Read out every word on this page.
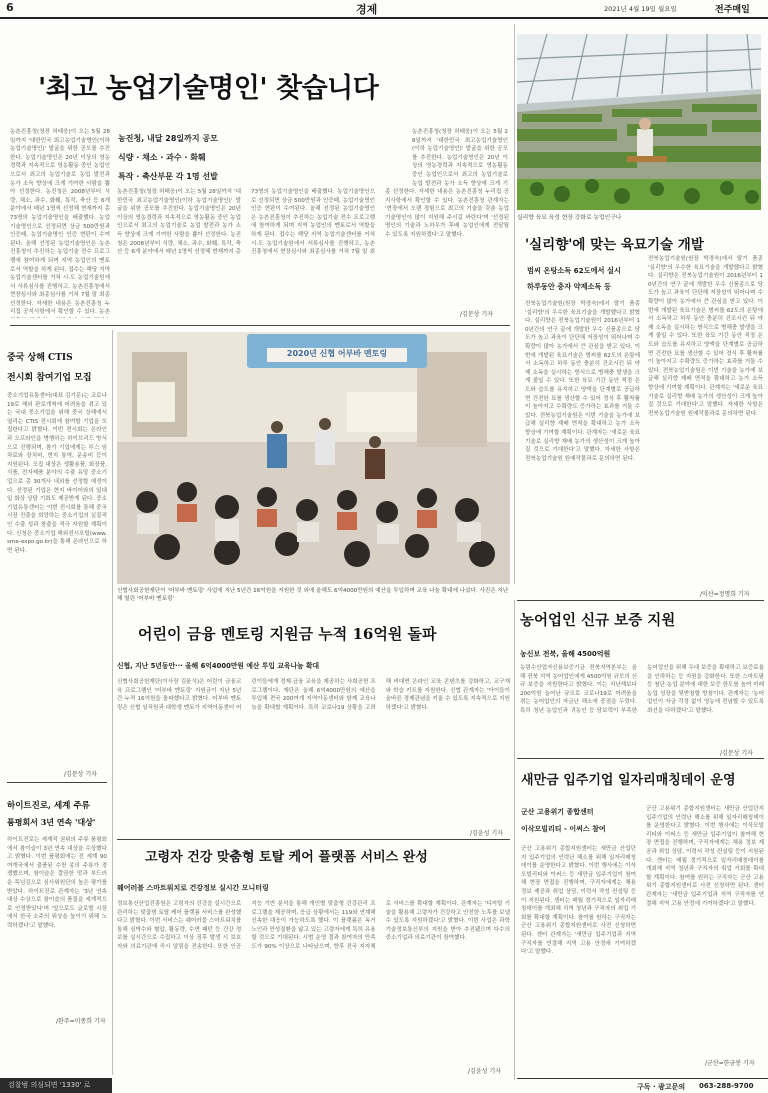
6	경제	2021년 4월 19일 월요일	전주매일
'최고 농업기술명인' 찾습니다
농진청, 내달 28일까지 공모
식량 · 채소 · 과수 · 화훼
특작 · 축산부문 각 1명 선발
농촌진흥청(청장 허태웅)이 오는 5월 28일까지 '대한민국 최고농업기술명인(이하 농업기술명인)' 발굴을 위한 공모를 추진한다. 농업기술명인은 20년 이상의 영농경력과 지속적으로 영농활동 중인 농업인으로서 최고의 농업기술로 농업 발전과 농가 소득 향상에 크게 기여한 사람을 뽑아 선정한다. 농진청은 2008년부터 식량, 채소, 과수, 화훼, 특작, 축산 등 6개 분야에서 매년 1명씩 선정해 현재까지 총 73명의 농업기술명인을 배출했다. 농업기술명인으로 선정되면 상금 500만원과 인증패, 농업기술명인 인증 현판이 수여된다. 올해 선정된 농업기술명인은 농촌진흥청이 추진하는 농업기술 전수 프로그램에 참여하게 되며 지역 농업인의 멘토로서 역할을 하게 된다. 접수는 해당 지역 농업기술센터를 거쳐 시·도 농업기술원에서 서류심사를 진행하고, 농촌진흥청에서 현장심사와 최종심사를 거쳐 7월 말 최종 선정한다. 자세한 내용은 농촌진흥청 누리집 공지사항에서 확인할 수 있다. 농촌
농촌진흥청(청장 허태웅)이 오는 5월 28일까지 '대한민국 최고농업기술명인(이하 농업기술명인)' 발굴을 위한 공모를 추진한다. 농업기술명인은 20년 이상의 영농경력과 지속적으로 영농활동 중인 농업인으로서 최고의 농업기술로 농업 발전과 농가 소득 향상에 크게 기여한 사람을 뽑아 선정한다. 농진청은 2008년부터 식량, 채소, 과수, 화훼, 특작, 축산 등 6개 분야에서 매년 1명씩 선정해 현재까지 총 73명의 농업기술명인을 배출했다. 농업기술명인으로 선정되면 상금 500만원과 인증패, 농업기술명인 인증 현판이 수여된다. 올해 선정된 농업기술명인은 농촌진흥청이 추진하는 농업기술 전수 프로그램에 참여하게 되며 지역 농업인의 멘토로서 역할을 하게 된다. 접수는 해당 지역 농업기술센터를 거쳐 시·도 농업기술원에서 서류심사를 진행하고, 농촌진흥청에서 현장심사와 최종심사를 거쳐 7월 말 최종 선정한다. 자세한 내용은 농촌진흥청 누리집 공지사항에서 확인할 수 있다. 농촌진흥청 관계자는 '현장에서 오랜 경험으로 최고의 기술을 갖춘 농업기술명인이 많이 지원해 주시길 바란다'며 '선정된 명인의 기술과 노하우가 후배 농업인에게 전달될 수 있도록 지원하겠다'고 말했다.
농촌진흥청(청장 허태웅)이 오는 5월 28일까지 '대한민국 최고농업기술명인(이하 농업기술명인)' 발굴을 위한 공모를 추진한다. 농업기술명인은 20년 이상의 영농경력과 지속적으로 영농활동 중인 농업인으로서 최고의 농업기술로 농업 발전과 농가 소득 향상에 크게 기
/김문상 기자
실리향 육묘 육성 현장 강화로 농업인구나
'실리향'에 맞는 육묘기술 개발
범씨 온탕소독 62도에서 실시
하루동안 충자 약제소독 등
전북농업기술원(원장 박경숙)에서 딸기 품종 '실리향'의 우수한 육묘기술을 개발했다고 밝혔다. 실리향은 전북농업기술원이 2016년부터 10년간의 연구 끝에 개발한 우수 신품종으로 당도가 높고 과육이 단단해 저장성이 뛰어나며 수확량이 많아 농가에서 큰 관심을 받고 있다. 이번에 개발된 육묘기술은 범씨를 62도의 온탕에서 소독하고 하루 동안 충분히 건조시킨 뒤 약제 소독을 실시하는 방식으로 병해충 발생을 크게 줄일 수 있다. 또한 육묘 기간 동안 적정 온도와 습도를 유지하고 양액을 단계별로 공급하면 건전한 묘를 생산할 수 있어 정식 후 활착률이 높아지고 수확량도 증가하는 효과를 거둘 수 있다. 전북농업기술원은 이번 기술을 농가에 보급해 실리향 재배 면적을 확대하고 농가 소득 향상에 기여할 계획이다. 관계자는 '새로운 육묘기술로 실리향 재배 농가의 생산성이 크게 높아질 것으로 기대한다'고 말했다. 자세한 사항은 전북농업기술원 원예작물과로 문의하면 된다.
전북농업기술원(원장 박경숙)에서 딸기 품종 '실리향'의 우수한 육묘기술을 개발했다고 밝혔다. 실리향은 전북농업기술원이 2016년부터 10년간의 연구 끝에 개발한 우수 신품종으로 당도가 높고 과육이 단단해 저장성이 뛰어나며 수확량이 많아 농가에서 큰 관심을 받고 있다. 이번에 개발된 육묘기술은 범씨를 62도의 온탕에서 소독하고 하루 동안 충분히 건조시킨 뒤 약제 소독을 실시하는 방식으로 병해충 발생을 크게 줄일 수 있다. 또한 육묘 기간 동안 적정 온도와 습도를 유지하고 양액을 단계별로 공급하면 건전한 묘를 생산할 수 있어 정식 후 활착률이 높아지고 수확량도 증가하는 효과를 거둘 수 있다. 전북농업기술원은 이번 기술을 농가에 보급해 실리향 재배 면적을 확대하고 농가 소득 향상에 기여할 계획이다. 관계자는 '새로운 육묘기술로 실리향 재배 농가의 생산성이 크게 높아질 것으로 기대한다'고 말했다. 자세한 사항은 전북농업기술원 원예작물과로 문의하면 된다.
/익산=정명희 기자
중국 상해 CTIS
전시회 참여기업 모집
중소기업유통센터(대표 김기문)는 코로나19로 해외 판로개척에 어려움을 겪고 있는 국내 중소기업을 위해 중국 상해에서 열리는 CTIS 전시회에 참여할 기업을 모집한다고 밝혔다. 이번 전시회는 온라인과 오프라인을 병행하는 하이브리드 방식으로 진행되며, 참가 기업에게는 부스 임차료와 장치비, 현지 통역, 운송비 등이 지원된다. 모집 대상은 생활용품, 화장품, 식품, 전자제품 분야의 수출 유망 중소기업으로 총 30개사 내외를 선정할 예정이다. 선정된 기업은 현지 바이어와의 일대일 화상 상담 기회도 제공받게 된다. 중소기업유통센터는 이번 전시회를 통해 중국 시장 진출을 희망하는 중소기업의 실질적인 수출 성과 창출을 적극 지원할 계획이다. 신청은 중소기업 해외전시포털(www.sme-expo.go.kr)을 통해 온라인으로 하면 된다.
/김문상 기자
하이트진로, 세계 주류
품평회서 3년 연속 '대상'
하이트진로는 세계적 권위의 주류 품평회에서 참이슬이 3년 연속 대상을 수상했다고 밝혔다. 이번 품평회에는 전 세계 90여개국에서 출품된 수천 종의 주류가 경쟁했으며, 참이슬은 깔끔한 맛과 부드러운 목넘김으로 심사위원단의 높은 평가를 받았다. 하이트진로 관계자는 '3년 연속 대상 수상으로 참이슬의 품질을 세계적으로 인정받았다'며 '앞으로도 글로벌 시장에서 한국 소주의 위상을 높이기 위해 노력하겠다'고 말했다.
/완주=이종희 기자
검찰범 의심되면 '1330' 로
2020년 신협 어부바 멘토링
신협사회공헌재단이 '어부바 멘토링' 사업에 지난 5년간 16억원을 지원한 것 외에 올해도 6억4000만원의 예산을 투입하며 교육 나눔 확대에 나섰다. 사진은 지난해 열린 '어부바 멘토링'
어린이 금융 멘토링 지원금 누적 16억원 돌파
신협, 지난 5년동안··· 올해 6억4000만원 예산 투입 교육나눔 확대
신협사회공헌재단(이사장 김윤식)은 어린이 금융교육 프로그램인 '어부바 멘토링' 지원금이 지난 5년간 누적 16억원을 돌파했다고 밝혔다. 어부바 멘토링은 신협 임직원과 대학생 멘토가 지역아동센터 어린이들에게 경제·금융 교육을 제공하는 사회공헌 프로그램이다. 재단은 올해 6억4000만원의 예산을 투입해 전국 200여개 지역아동센터와 함께 교육나눔을 확대할 계획이다. 특히 코로나19 상황을 고려해 비대면 온라인 교육 콘텐츠를 강화하고, 교구재와 학습 키트를 지원한다. 신협 관계자는 '아이들이 올바른 경제관념을 키울 수 있도록 지속적으로 지원하겠다'고 밝혔다.
/김윤성 기자
고령자 건강 맞춤형 토탈 케어 플랫폼 서비스 완성
웨어러블 스마트워치로 건강정보 실시간 모니터링
정보통신산업진흥원은 고령자의 건강을 실시간으로 관리하는 맞춤형 토탈 케어 플랫폼 서비스를 완성했다고 밝혔다. 이번 서비스는 웨어러블 스마트워치를 통해 심박수와 혈압, 활동량, 수면 패턴 등 건강 정보를 실시간으로 수집하고 이상 징후 발생 시 보호자와 의료기관에 즉시 알림을 전송한다. 또한 인공지능 기반 분석을 통해 개인별 맞춤형 건강관리 프로그램을 제공하며, 응급 상황에서는 119와 연계해 신속한 대응이 가능하도록 했다. 이 플랫폼은 독거노인과 만성질환을 앓고 있는 고령자에게 특히 유용할 것으로 기대된다. 시범 운영 결과 참여자의 만족도가 90% 이상으로 나타났으며, 향후 전국 지자체로 서비스를 확대할 계획이다. 관계자는 '디지털 기술을 활용해 고령자가 건강하고 안전한 노후를 보낼 수 있도록 지원하겠다'고 밝혔다. 이번 사업은 과학기술정보통신부의 지원을 받아 추진됐으며 다수의 중소기업과 의료기관이 참여했다.
/김윤성 기자
농어업인 신규 보증 지원
농신보 전북, 올해 4500억원
농림수산업자신용보증기금 전북지역본부는 올해 전북 지역 농어업인에게 4500억원 규모의 신규 보증을 지원한다고 밝혔다. 이는 지난해보다 200억원 늘어난 규모로 코로나19로 어려움을 겪는 농어업인의 자금난 해소에 중점을 두었다. 특히 청년 농업인과 귀농인 등 담보력이 부족한 농어업인을 위해 우대 보증을 확대하고 보증료율을 인하하는 등 지원을 강화한다. 또한 스마트팜 등 첨단 농업 분야에 대한 보증 한도를 높여 미래 농업 성장을 뒷받침할 방침이다. 관계자는 '농어업인이 자금 걱정 없이 영농에 전념할 수 있도록 최선을 다하겠다'고 말했다.
/김문상 기자
새만금 입주기업 일자리매칭데이 운영
군산 고용위기 종합센터
이삭모빌리티 - 이써스 참여
군산 고용위기 종합지원센터는 새만금 산업단지 입주기업의 인력난 해소를 위해 일자리매칭데이를 운영한다고 밝혔다. 이번 행사에는 이삭모빌리티와 이써스 등 새만금 입주기업이 참여해 현장 면접을 진행하며, 구직자에게는 채용 정보 제공과 취업 상담, 이력서 작성 컨설팅 등이 지원된다. 센터는 매월 정기적으로 일자리매칭데이를 개최해 지역 청년과 구직자의 취업 기회를 확대할 계획이다. 참여를 원하는 구직자는 군산 고용위기 종합지원센터로 사전 신청하면 된다. 센터 관계자는 '새만금 입주기업과 지역 구직자를 연결해 지역 고용 안정에 기여하겠다'고 말했다.
군산 고용위기 종합지원센터는 새만금 산업단지 입주기업의 인력난 해소를 위해 일자리매칭데이를 운영한다고 밝혔다. 이번 행사에는 이삭모빌리티와 이써스 등 새만금 입주기업이 참여해 현장 면접을 진행하며, 구직자에게는 채용 정보 제공과 취업 상담, 이력서 작성 컨설팅 등이 지원된다. 센터는 매월 정기적으로 일자리매칭데이를 개최해 지역 청년과 구직자의 취업 기회를 확대할 계획이다. 참여를 원하는 구직자는 군산 고용위기 종합지원센터로 사전 신청하면 된다. 센터 관계자는 '새만금 입주기업과 지역 구직자를 연결해 지역 고용 안정에 기여하겠다'고 말했다.
/군산=한금봉 기자
구독 · 광고문의 063-288-9700
